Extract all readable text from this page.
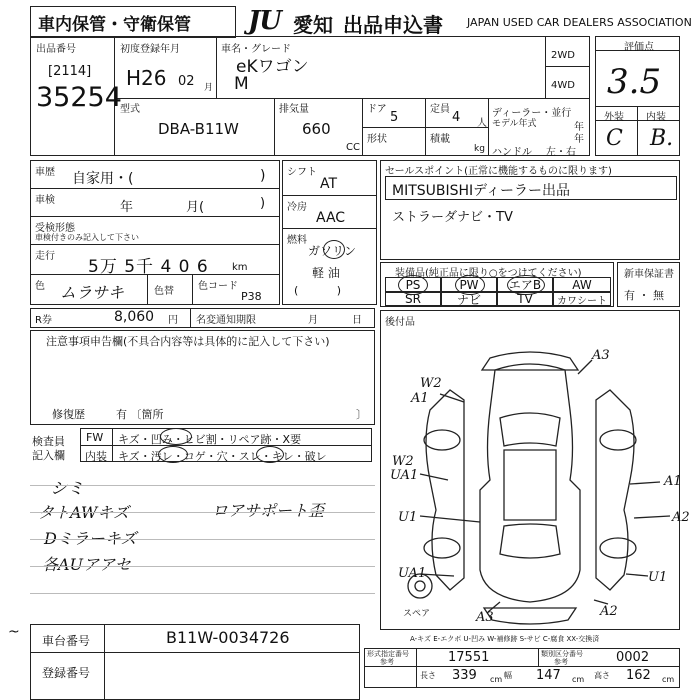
車内保管・守衛保管 JU 愛知 出品申込書 JAPAN USED CAR DEALERS ASSOCIATION
出品番号
[2114]
35254
初度登録年月
H26 02 月
車名・グレード
eKワゴン
M
2WD
4WD
評価点
3.5
外装 内装
C B.
型式
DBA-B11W
排気量
660
CC
ドア
5
定員
4 人
形状	積載
kg
ディーラー・並行
モデル年式	年
年
ハンドル 左・右
車歴 自家用・(	)
車検	年	月(	)
受検形態
車検付きのみ記入して下さい
走行
5万 5千 4 0 6 km
色 ムラサキ	色替 色コード
P38
R券	8,060 円 名変通知期限	月	日
シフト
AT
冷房
AAC
燃料
ガソリン
軽 油
(           )
セールスポイント(正常に機能するものに限ります)
MITSUBISHIディーラー出品
ストラーダナビ・TV
装備品(純正品に限り○をつけてください)
PS	PW	エアB	AW
SR	ナビ	TV	カワシート
新車保証書
有 ・ 無
後付品
注意事項申告欄(不具合内容等は具体的に記入して下さい)
修復歴	有 〔箇所	〕
検査員
記入欄
FW キズ・凹み・ヒビ割・リペア跡・X要
内装 キズ・汚レ・コゲ・穴・スレ・キレ・破レ
シミ
タトAWキズ	ロアサポート歪
Dミラーキズ
各AUアアセ
A3
W2
A1
W2
UA1
U1
UA1
A1
A2
U1
A3	A2
スペア
A-キズ E-エクボ U-凹み W-補修跡 S-サビ C-腐食 XX-交換済
~
車台番号	B11W-0034726
登録番号
形式指定番号
参考	17551	類別区分番号
参考	0002
長さ 339 cm 幅 147 cm 高さ 162 cm
